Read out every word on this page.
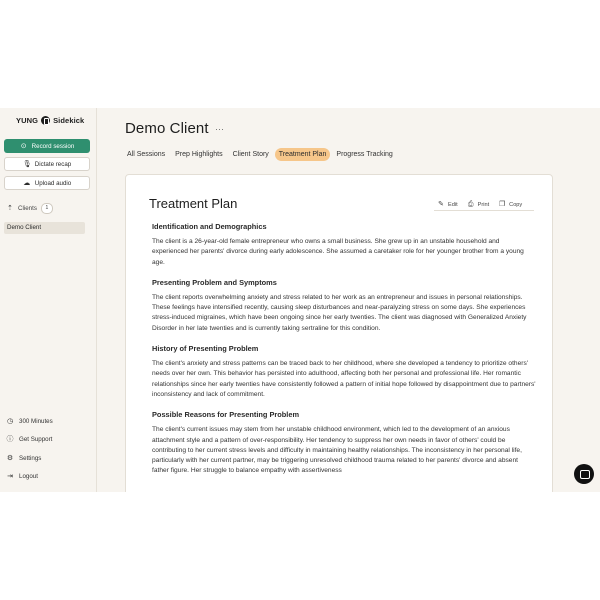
YUNG Sidekick
⊙ Record session
🎙 Dictate recap
☁ Upload audio
⇡ Clients	1
Demo Client
◷ 300 Minutes
ⓘ Get Support
⚙ Settings
⇥ Logout
Demo Client ···
All Sessions	Prep Highlights	Client Story	Treatment Plan	Progress Tracking
Treatment Plan	✎ Edit ⎙ Print ❐ Copy
Identification and Demographics

The client is a 26-year-old female entrepreneur who owns a small business. She grew up in an unstable household and experienced her parents' divorce during early adolescence. She assumed a caretaker role for her younger brother from a young age.

Presenting Problem and Symptoms

The client reports overwhelming anxiety and stress related to her work as an entrepreneur and issues in personal relationships. These feelings have intensified recently, causing sleep disturbances and near-paralyzing stress on some days. She experiences stress-induced migraines, which have been ongoing since her early twenties. The client was diagnosed with Generalized Anxiety Disorder in her late twenties and is currently taking sertraline for this condition.

History of Presenting Problem

The client's anxiety and stress patterns can be traced back to her childhood, where she developed a tendency to prioritize others' needs over her own. This behavior has persisted into adulthood, affecting both her personal and professional life. Her romantic relationships since her early twenties have consistently followed a pattern of initial hope followed by disappointment due to partners' inconsistency and lack of commitment.

Possible Reasons for Presenting Problem

The client's current issues may stem from her unstable childhood environment, which led to the development of an anxious attachment style and a pattern of over-responsibility. Her tendency to suppress her own needs in favor of others' could be contributing to her current stress levels and difficulty in maintaining healthy relationships. The inconsistency in her personal life, particularly with her current partner, may be triggering unresolved childhood trauma related to her parents' divorce and absent father figure. Her struggle to balance empathy with assertiveness
